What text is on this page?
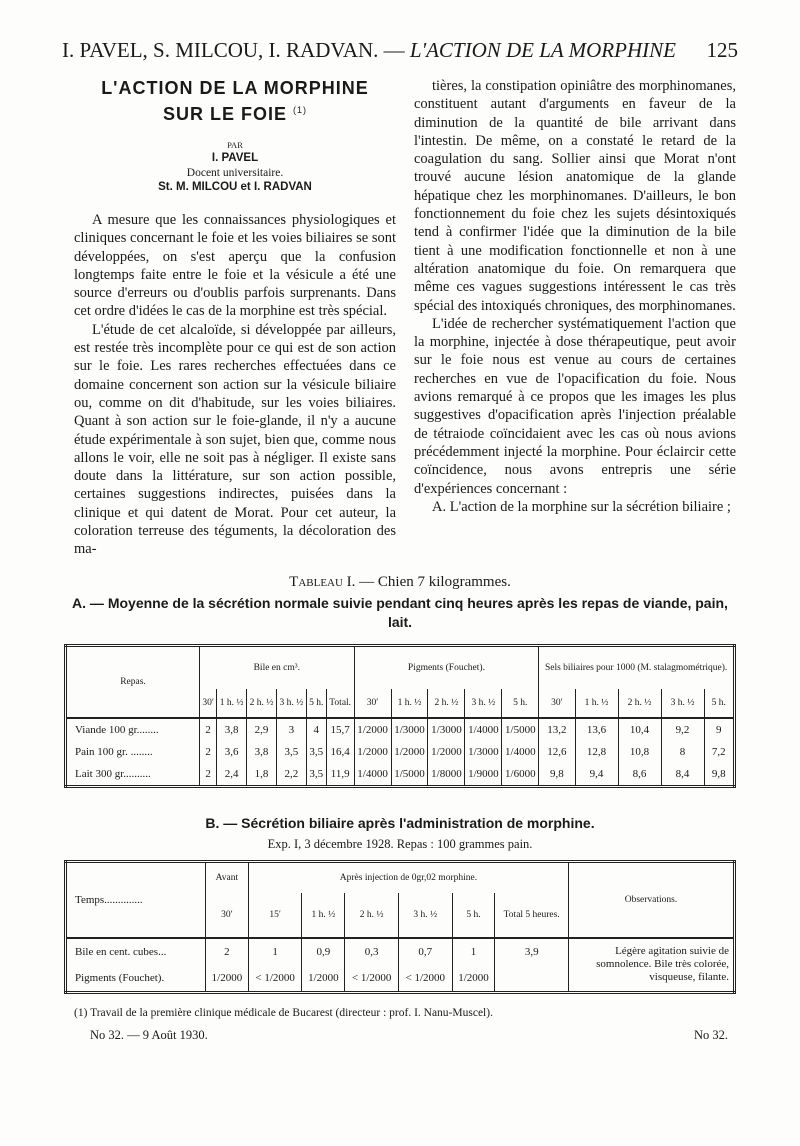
I. PAVEL, S. MILCOU, I. RADVAN. — L'ACTION DE LA MORPHINE 125
L'ACTION DE LA MORPHINE
SUR LE FOIE $^{(1)}$
PAR
I. PAVEL
Docent universitaire.
St. M. MILCOU et I. RADVAN

A mesure que les connaissances physiologiques et cliniques concernant le foie et les voies biliaires se sont développées, on s'est aperçu que la confusion longtemps faite entre le foie et la vésicule a été une source d'erreurs ou d'oublis parfois surprenants. Dans cet ordre d'idées le cas de la morphine est très spécial.

L'étude de cet alcaloïde, si développée par ailleurs, est restée très incomplète pour ce qui est de son action sur le foie. Les rares recherches effectuées dans ce domaine concernent son action sur la vésicule biliaire ou, comme on dit d'habitude, sur les voies biliaires. Quant à son action sur le foie-glande, il n'y a aucune étude expérimentale à son sujet, bien que, comme nous allons le voir, elle ne soit pas à négliger. Il existe sans doute dans la littérature, sur son action possible, certaines suggestions indirectes, puisées dans la clinique et qui datent de Morat. Pour cet auteur, la coloration terreuse des téguments, la décoloration des ma-

tières, la constipation opiniâtre des morphinomanes, constituent autant d'arguments en faveur de la diminution de la quantité de bile arrivant dans l'intestin. De même, on a constaté le retard de la coagulation du sang. Sollier ainsi que Morat n'ont trouvé aucune lésion anatomique de la glande hépatique chez les morphinomanes. D'ailleurs, le bon fonctionnement du foie chez les sujets désintoxiqués tend à confirmer l'idée que la diminution de la bile tient à une modification fonctionnelle et non à une altération anatomique du foie. On remarquera que même ces vagues suggestions intéressent le cas très spécial des intoxiqués chroniques, des morphinomanes.

L'idée de rechercher systématiquement l'action que la morphine, injectée à dose thérapeutique, peut avoir sur le foie nous est venue au cours de certaines recherches en vue de l'opacification du foie. Nous avions remarqué à ce propos que les images les plus suggestives d'opacification après l'injection préalable de tétraiode coïncidaient avec les cas où nous avions précédemment injecté la morphine. Pour éclaircir cette coïncidence, nous avons entrepris une série d'expériences concernant :

A. L'action de la morphine sur la sécrétion biliaire ;

Tableau I. — Chien 7 kilogrammes.
A. — Moyenne de la sécrétion normale suivie pendant cinq heures après les repas de viande, pain, lait.
Repas.	Bile en cm³.						Pigments (Fouchet).					Sels biliaires pour 1000 (M. stalagmométrique).				
	30′	1 h. ½	2 h. ½	3 h. ½	5 h.	Total.	30′	1 h. ½	2 h. ½	3 h. ½	5 h.	30′	1 h. ½	2 h. ½	3 h. ½	5 h.
Viande 100 gr........	2	3,8	2,9	3	4	15,7	1/2000	1/3000	1/3000	1/4000	1/5000	13,2	13,6	10,4	9,2	9
Pain 100 gr. ........	2	3,6	3,8	3,5	3,5	16,4	1/2000	1/2000	1/2000	1/3000	1/4000	12,6	12,8	10,8	8	7,2
Lait 300 gr..........	2	2,4	1,8	2,2	3,5	11,9	1/4000	1/5000	1/8000	1/9000	1/6000	9,8	9,4	8,6	8,4	9,8
B. — Sécrétion biliaire après l'administration de morphine.
Exp. I, 3 décembre 1928. Repas : 100 grammes pain.
Temps..............	Avant	Après injection de 0gr,02 morphine.						Observations.
	30′	15′	1 h. ½	2 h. ½	3 h. ½	5 h.	Total 5 heures.	
Bile en cent. cubes...	2	1	0,9	0,3	0,7	1	3,9	Légère agitation suivie de somnolence. Bile très colorée, visqueuse, filante.
Pigments (Fouchet).	1/2000	< 1/2000	1/2000	< 1/2000	< 1/2000	1/2000		
(1) Travail de la première clinique médicale de Bucarest (directeur : prof. I. Nanu-Muscel).
No 32. — 9 Août 1930.	No 32.
